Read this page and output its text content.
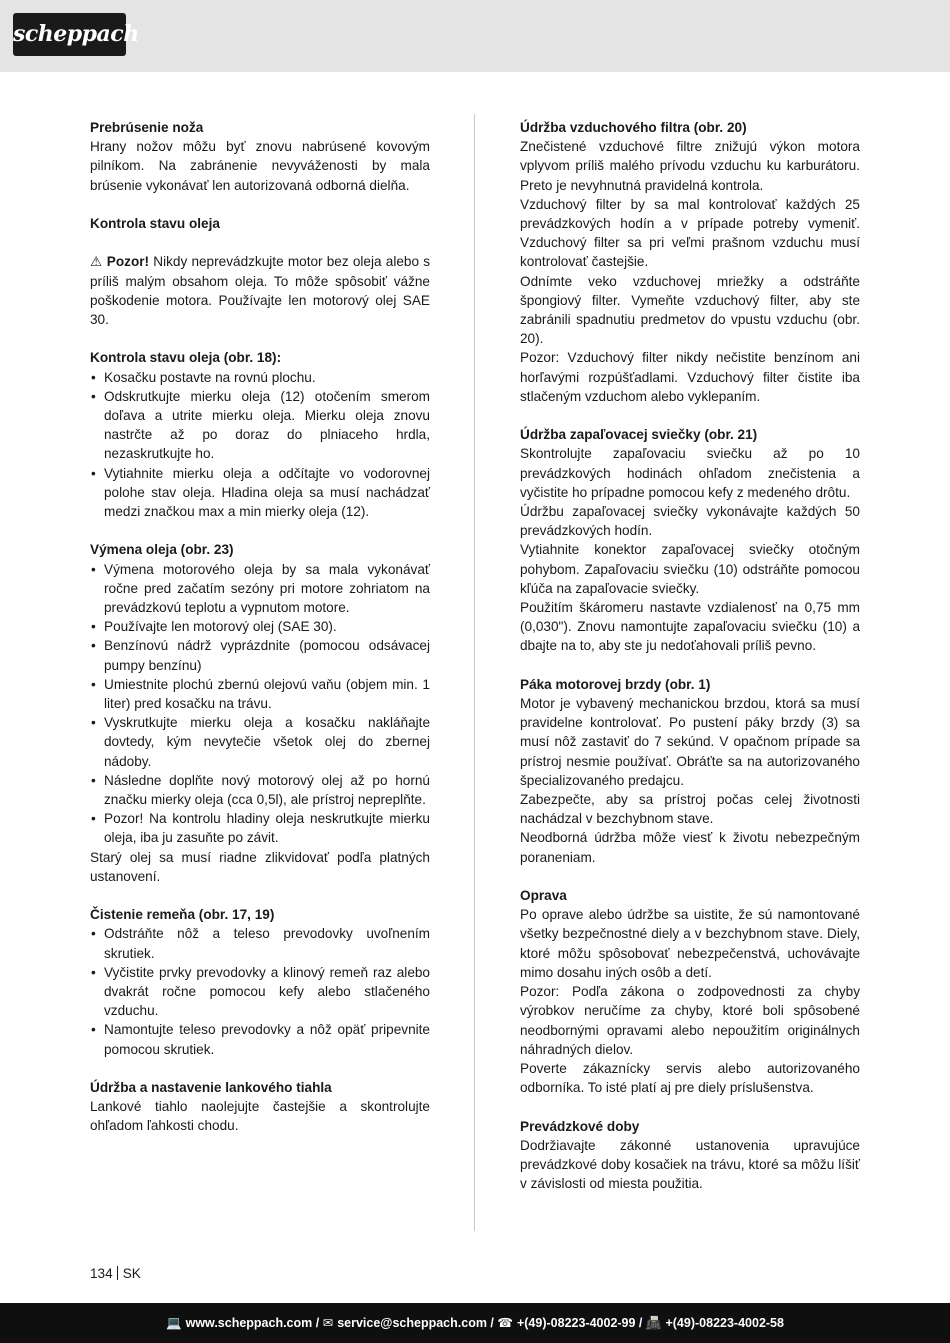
scheppach
Prebrúsenie noža
Hrany nožov môžu byť znovu nabrúsené kovovým pilníkom. Na zabránenie nevyváženosti by mala brúsenie vykonávať len autorizovaná odborná dielňa.
Kontrola stavu oleja
⚠ Pozor! Nikdy neprevádzkujte motor bez oleja alebo s príliš malým obsahom oleja. To môže spôsobiť vážne poškodenie motora. Používajte len motorový olej SAE 30.
Kontrola stavu oleja (obr. 18):
• Kosačku postavte na rovnú plochu.
• Odskrutkujte mierku oleja (12) otočením smerom doľava a utrite mierku oleja. Mierku oleja znovu nastrčte až po doraz do plniaceho hrdla, nezaskrutkujte ho.
• Vytiahnite mierku oleja a odčítajte vo vodorovnej polohe stav oleja. Hladina oleja sa musí nachádzať medzi značkou max a min mierky oleja (12).
Výmena oleja (obr. 23)
• Výmena motorového oleja by sa mala vykonávať ročne pred začatím sezóny pri motore zohriatom na prevádzkovú teplotu a vypnutom motore.
• Používajte len motorový olej (SAE 30).
• Benzínovú nádrž vyprázdnite (pomocou odsávacej pumpy benzínu)
• Umiestnite plochú zbernú olejovú vaňu (objem min. 1 liter) pred kosačku na trávu.
• Vyskrutkujte mierku oleja a kosačku nakláňajte dovtedy, kým nevytečie všetok olej do zbernej nádoby.
• Následne doplňte nový motorový olej až po hornú značku mierky oleja (cca 0,5l), ale prístroj nepreplňte.
• Pozor! Na kontrolu hladiny oleja neskrutkujte mierku oleja, iba ju zasuňte po závit.
Starý olej sa musí riadne zlikvidovať podľa platných ustanovení.
Čistenie remeňa (obr. 17, 19)
• Odstráňte nôž a teleso prevodovky uvoľnením skrutiek.
• Vyčistite prvky prevodovky a klinový remeň raz alebo dvakrát ročne pomocou kefy alebo stlačeného vzduchu.
• Namontujte teleso prevodovky a nôž opäť pripevnite pomocou skrutiek.
Údržba a nastavenie lankového tiahla
Lankové tiahlo naolejujte častejšie a skontrolujte ohľadom ľahkosti chodu.
Údržba vzduchového filtra (obr. 20)
Znečistené vzduchové filtre znižujú výkon motora vplyvom príliš malého prívodu vzduchu ku karburátoru. Preto je nevyhnutná pravidelná kontrola.
Vzduchový filter by sa mal kontrolovať každých 25 prevádzkových hodín a v prípade potreby vymeniť. Vzduchový filter sa pri veľmi prašnom vzduchu musí kontrolovať častejšie.
Odnímte veko vzduchovej mriežky a odstráňte špongiový filter. Vymeňte vzduchový filter, aby ste zabránili spadnutiu predmetov do vpustu vzduchu (obr. 20).
Pozor: Vzduchový filter nikdy nečistite benzínom ani horľavými rozpúšťadlami. Vzduchový filter čistite iba stlačeným vzduchom alebo vyklepaním.
Údržba zapaľovacej sviečky (obr. 21)
Skontrolujte zapaľovaciu sviečku až po 10 prevádzkových hodinách ohľadom znečistenia a vyčistite ho prípadne pomocou kefy z medeného drôtu.
Údržbu zapaľovacej sviečky vykonávajte každých 50 prevádzkových hodín.
Vytiahnite konektor zapaľovacej sviečky otočným pohybom. Zapaľovaciu sviečku (10) odstráňte pomocou kľúča na zapaľovacie sviečky.
Použitím škáromeru nastavte vzdialenosť na 0,75 mm (0,030"). Znovu namontujte zapaľovaciu sviečku (10) a dbajte na to, aby ste ju nedoťahovali príliš pevno.
Páka motorovej brzdy (obr. 1)
Motor je vybavený mechanickou brzdou, ktorá sa musí pravidelne kontrolovať. Po pustení páky brzdy (3) sa musí nôž zastaviť do 7 sekúnd. V opačnom prípade sa prístroj nesmie používať. Obráťte sa na autorizovaného špecializovaného predajcu.
Zabezpečte, aby sa prístroj počas celej životnosti nachádzal v bezchybnom stave.
Neodborná údržba môže viesť k životu nebezpečným poraneniam.
Oprava
Po oprave alebo údržbe sa uistite, že sú namontované všetky bezpečnostné diely a v bezchybnom stave. Diely, ktoré môžu spôsobovať nebezpečenstvá, uchovávajte mimo dosahu iných osôb a detí.
Pozor: Podľa zákona o zodpovednosti za chyby výrobkov neručíme za chyby, ktoré boli spôsobené neodbornými opravami alebo nepoužitím originálnych náhradných dielov.
Poverte zákaznícky servis alebo autorizovaného odborníka. To isté platí aj pre diely príslušenstva.
Prevádzkové doby
Dodržiavajte zákonné ustanovenia upravujúce prevádzkové doby kosačiek na trávu, ktoré sa môžu líšiť v závislosti od miesta použitia.
134 SK
💻 www.scheppach.com / ✉ service@scheppach.com / ☎ +(49)-08223-4002-99 / 📠 +(49)-08223-4002-58
